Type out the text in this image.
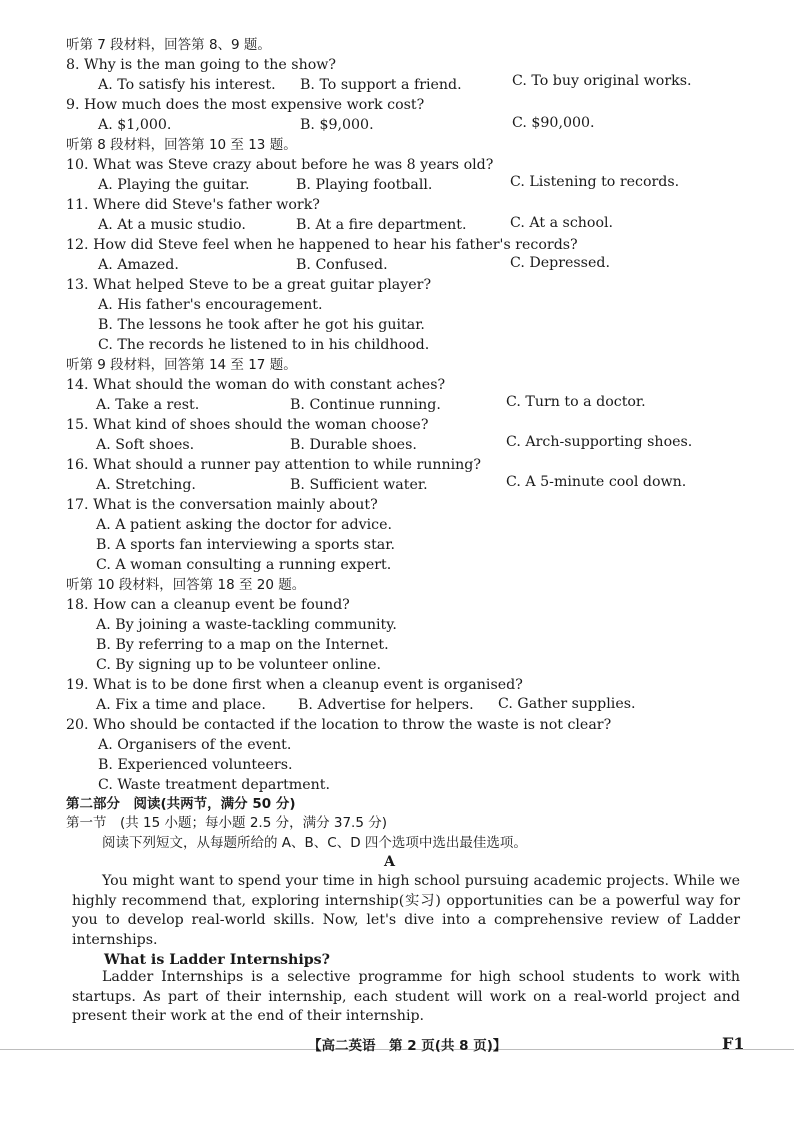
听第 7 段材料，回答第 8、9 题。
8. Why is the man going to the show?
A. To satisfy his interest. B. To support a friend.	C. To buy original works.
9. How much does the most expensive work cost?
A. $1,000.	B. $9,000.	C. $90,000.
听第 8 段材料，回答第 10 至 13 题。
10. What was Steve crazy about before he was 8 years old?
A. Playing the guitar.	B. Playing football.	C. Listening to records.
11. Where did Steve's father work?
A. At a music studio.	B. At a fire department.	C. At a school.
12. How did Steve feel when he happened to hear his father's records?
A. Amazed.	B. Confused.	C. Depressed.
13. What helped Steve to be a great guitar player?
A. His father's encouragement.
B. The lessons he took after he got his guitar.
C. The records he listened to in his childhood.
听第 9 段材料，回答第 14 至 17 题。
14. What should the woman do with constant aches?
A. Take a rest.	B. Continue running.	C. Turn to a doctor.
15. What kind of shoes should the woman choose?
A. Soft shoes.	B. Durable shoes.	C. Arch-supporting shoes.
16. What should a runner pay attention to while running?
A. Stretching.	B. Sufficient water.	C. A 5-minute cool down.
17. What is the conversation mainly about?
A. A patient asking the doctor for advice.
B. A sports fan interviewing a sports star.
C. A woman consulting a running expert.
听第 10 段材料，回答第 18 至 20 题。
18. How can a cleanup event be found?
A. By joining a waste-tackling community.
B. By referring to a map on the Internet.
C. By signing up to be volunteer online.
19. What is to be done first when a cleanup event is organised?
A. Fix a time and place. B. Advertise for helpers. C. Gather supplies.
20. Who should be contacted if the location to throw the waste is not clear?
A. Organisers of the event.
B. Experienced volunteers.
C. Waste treatment department.
第二部分　阅读(共两节，满分 50 分)
第一节　(共 15 小题；每小题 2.5 分，满分 37.5 分)
阅读下列短文，从每题所给的 A、B、C、D 四个选项中选出最佳选项。
A
You might want to spend your time in high school pursuing academic projects. While we highly recommend that, exploring internship(实习) opportunities can be a powerful way for you to develop real-world skills. Now, let's dive into a comprehensive review of Ladder internships.
What is Ladder Internships?
Ladder Internships is a selective programme for high school students to work with startups. As part of their internship, each student will work on a real-world project and present their work at the end of their internship.
【高二英语　第 2 页(共 8 页)】	F1
